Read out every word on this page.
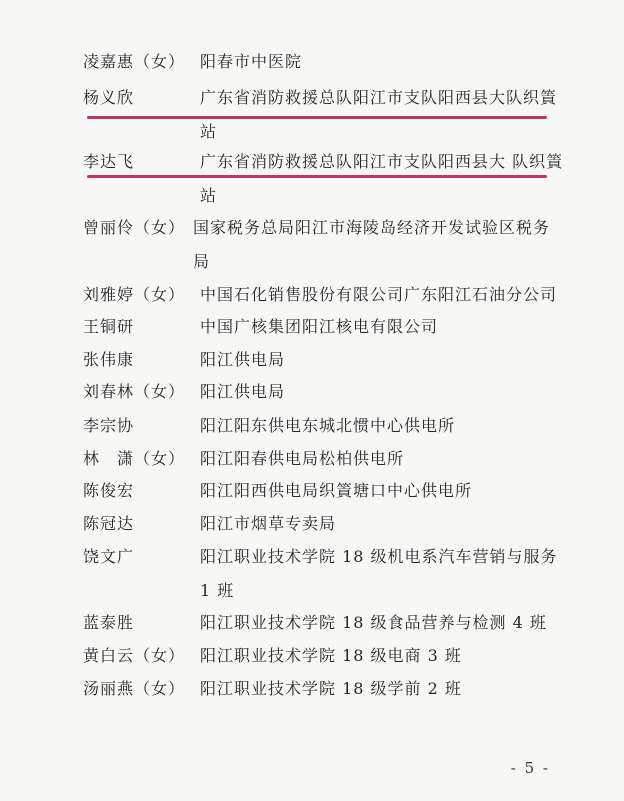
凌嘉惠（女） 阳春市中医院
杨义欣	广东省消防救援总队阳江市支队阳西县大队织篢站
李达飞	广东省消防救援总队阳江市支队阳西县大 队织篢站
曾丽伶（女） 国家税务总局阳江市海陵岛经济开发试验区税务局
刘雅婷（女） 中国石化销售股份有限公司广东阳江石油分公司
王铜研	中国广核集团阳江核电有限公司
张伟康	阳江供电局
刘春林（女） 阳江供电局
李宗协	阳江阳东供电东城北惯中心供电所
林　潇（女） 阳江阳春供电局松柏供电所
陈俊宏	阳江阳西供电局织篢塘口中心供电所
陈冠达	阳江市烟草专卖局
饶文广	阳江职业技术学院 18 级机电系汽车营销与服务 1 班
蓝泰胜	阳江职业技术学院 18 级食品营养与检测 4 班
黄白云（女） 阳江职业技术学院 18 级电商 3 班
汤丽燕（女） 阳江职业技术学院 18 级学前 2 班
- 5 -
